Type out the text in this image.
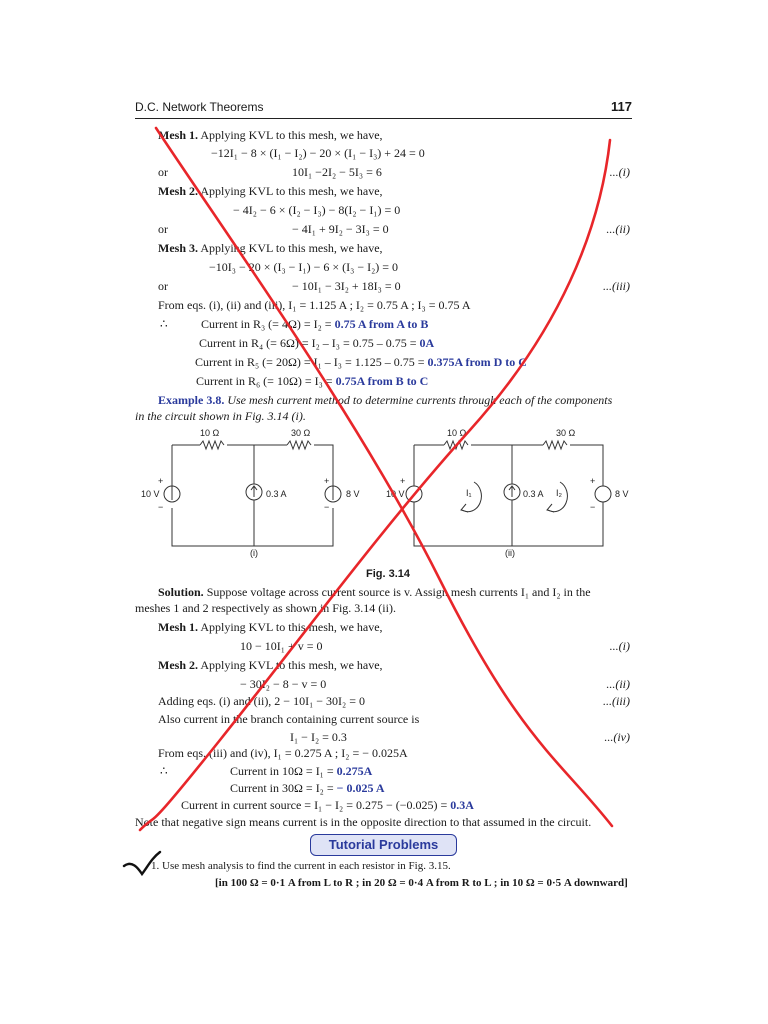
D.C. Network Theorems	117
Mesh 1. Applying KVL to this mesh, we have,
−12I₁ − 8 × (I₁ − I₂) − 20 × (I₁ − I₃) + 24 = 0
or	10I₁ −2I₂ − 5I₃ = 6	...(i)
Mesh 2. Applying KVL to this mesh, we have,
− 4I₂ − 6 × (I₂ − I₃) − 8(I₂ − I₁) = 0
or	− 4I₁ + 9I₂ − 3I₃ = 0	...(ii)
Mesh 3. Applying KVL to this mesh, we have,
−10I₃ − 20 × (I₃ − I₁) − 6 × (I₃ − I₂) = 0
or	− 10I₁ − 3I₂ + 18I₃ = 0	...(iii)
From eqs. (i), (ii) and (iii), I₁ = 1.125 A ; I₂ = 0.75 A ; I₃ = 0.75 A
∴	Current in R₃ (= 4Ω) = I₂ = 0.75 A from A to B
Current in R₄ (= 6Ω) = I₂ – I₃ = 0.75 – 0.75 = 0A
Current in R₅ (= 20Ω) = I₁ – I₃ = 1.125 – 0.75 = 0.375A from D to C
Current in R₆ (= 10Ω) = I₃ = 0.75A from B to C
Example 3.8. Use mesh current method to determine currents through each of the components
in the circuit shown in Fig. 3.14 (i).
10 Ω	30 Ω
10 V	0.3 A	8 V
(i)
+
−
+
−
10 Ω	30 Ω
10 V	0.3 A	8 V
I₁	I₂
(ii)
+
−
+
−
Fig. 3.14
Solution. Suppose voltage across current source is v. Assign mesh currents I₁ and I₂ in the
meshes 1 and 2 respectively as shown in Fig. 3.14 (ii).
Mesh 1. Applying KVL to this mesh, we have,
10 − 10I₁ + v = 0	...(i)
Mesh 2. Applying KVL to this mesh, we have,
− 30I₂ − 8 − v = 0	...(ii)
Adding eqs. (i) and (ii), 2 − 10I₁ − 30I₂ = 0	...(iii)
Also current in the branch containing current source is
I₁ − I₂ = 0.3	...(iv)
From eqs. (iii) and (iv), I₁ = 0.275 A ; I₂ = − 0.025A
∴	Current in 10Ω = I₁ = 0.275A
Current in 30Ω = I₂ = − 0.025 A
Current in current source = I₁ − I₂ = 0.275 − (−0.025) = 0.3A
Note that negative sign means current is in the opposite direction to that assumed in the circuit.
Tutorial Problems
1. Use mesh analysis to find the current in each resistor in Fig. 3.15.
[in 100 Ω = 0·1 A from L to R ; in 20 Ω = 0·4 A from R to L ; in 10 Ω = 0·5 A downward]
